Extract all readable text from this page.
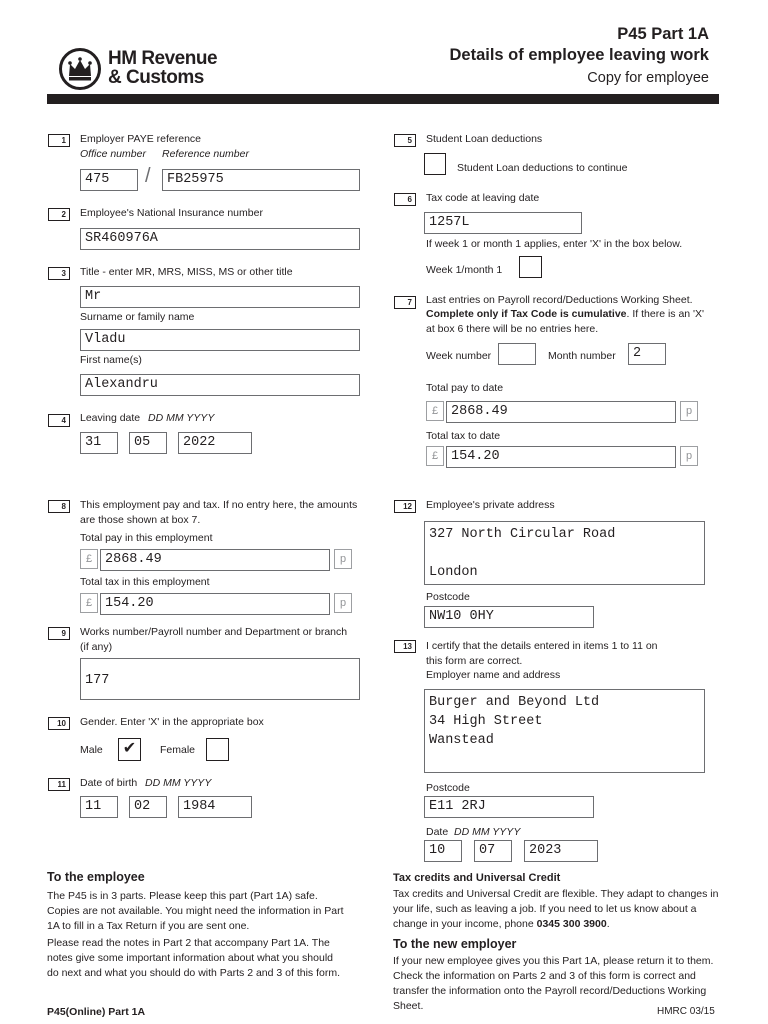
HM Revenue
& Customs
P45 Part 1A
Details of employee leaving work
Copy for employee
1	Employer PAYE reference
Office number Reference number
475	/	FB25975
2	Employee's National Insurance number
SR460976A
3	Title - enter MR, MRS, MISS, MS or other title
Mr
Surname or family name
Vladu
First name(s)
Alexandru
4	Leaving date DD MM YYYY
31	05	2022
8	This employment pay and tax. If no entry here, the amounts
are those shown at box 7.
Total pay in this employment
£ 2868.49	p
Total tax in this employment
£ 154.20	p
9	Works number/Payroll number and Department or branch
(if any)
177
10	Gender. Enter 'X' in the appropriate box
Male ✔	Female
11	Date of birth DD MM YYYY
11	02	1984
To the employee
The P45 is in 3 parts. Please keep this part (Part 1A) safe. Copies are not available. You might need the information in Part 1A to fill in a Tax Return if you are sent one.
Please read the notes in Part 2 that accompany Part 1A. The notes give some important information about what you should do next and what you should do with Parts 2 and 3 of this form.
5	Student Loan deductions
Student Loan deductions to continue
6	Tax code at leaving date
1257L
If week 1 or month 1 applies, enter 'X' in the box below.
Week 1/month 1
7	Last entries on Payroll record/Deductions Working Sheet.
Complete only if Tax Code is cumulative. If there is an 'X'
at box 6 there will be no entries here.
Week number	Month number	2
Total pay to date
£ 2868.49	p
Total tax to date
£ 154.20	p
12	Employee's private address
327 North Circular Road

London
Postcode
NW10 0HY
13	I certify that the details entered in items 1 to 11 on
this form are correct.
Employer name and address
Burger and Beyond Ltd
34 High Street
Wanstead
Postcode
E11 2RJ
Date DD MM YYYY
10	07	2023
Tax credits and Universal Credit
Tax credits and Universal Credit are flexible. They adapt to changes in your life, such as leaving a job. If you need to let us know about a change in your income, phone 0345 300 3900.
To the new employer
If your new employee gives you this Part 1A, please return it to them. Check the information on Parts 2 and 3 of this form is correct and transfer the information onto the Payroll record/Deductions Working Sheet.
P45(Online) Part 1A	HMRC 03/15
